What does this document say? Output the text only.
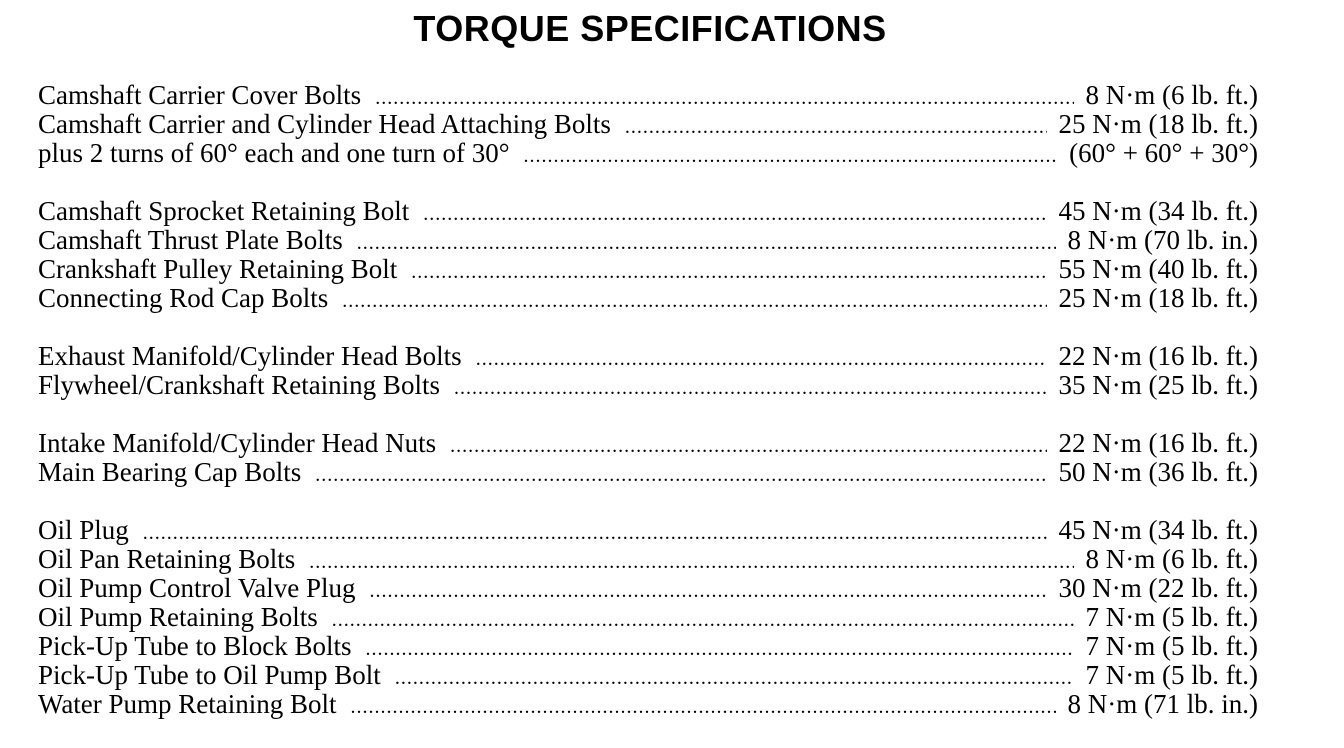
TORQUE SPECIFICATIONS
Camshaft Carrier Cover Bolts .....	8 N·m (6 lb. ft.)
Camshaft Carrier and Cylinder Head Attaching Bolts .....	25 N·m (18 lb. ft.)
plus 2 turns of 60° each and one turn of 30° .....	(60° + 60° + 30°)
Camshaft Sprocket Retaining Bolt .....	45 N·m (34 lb. ft.)
Camshaft Thrust Plate Bolts .....	8 N·m (70 lb. in.)
Crankshaft Pulley Retaining Bolt .....	55 N·m (40 lb. ft.)
Connecting Rod Cap Bolts .....	25 N·m (18 lb. ft.)
Exhaust Manifold/Cylinder Head Bolts .....	22 N·m (16 lb. ft.)
Flywheel/Crankshaft Retaining Bolts .....	35 N·m (25 lb. ft.)
Intake Manifold/Cylinder Head Nuts .....	22 N·m (16 lb. ft.)
Main Bearing Cap Bolts .....	50 N·m (36 lb. ft.)
Oil Plug .....	45 N·m (34 lb. ft.)
Oil Pan Retaining Bolts .....	8 N·m (6 lb. ft.)
Oil Pump Control Valve Plug .....	30 N·m (22 lb. ft.)
Oil Pump Retaining Bolts .....	7 N·m (5 lb. ft.)
Pick-Up Tube to Block Bolts .....	7 N·m (5 lb. ft.)
Pick-Up Tube to Oil Pump Bolt .....	7 N·m (5 lb. ft.)
Water Pump Retaining Bolt .....	8 N·m (71 lb. in.)
